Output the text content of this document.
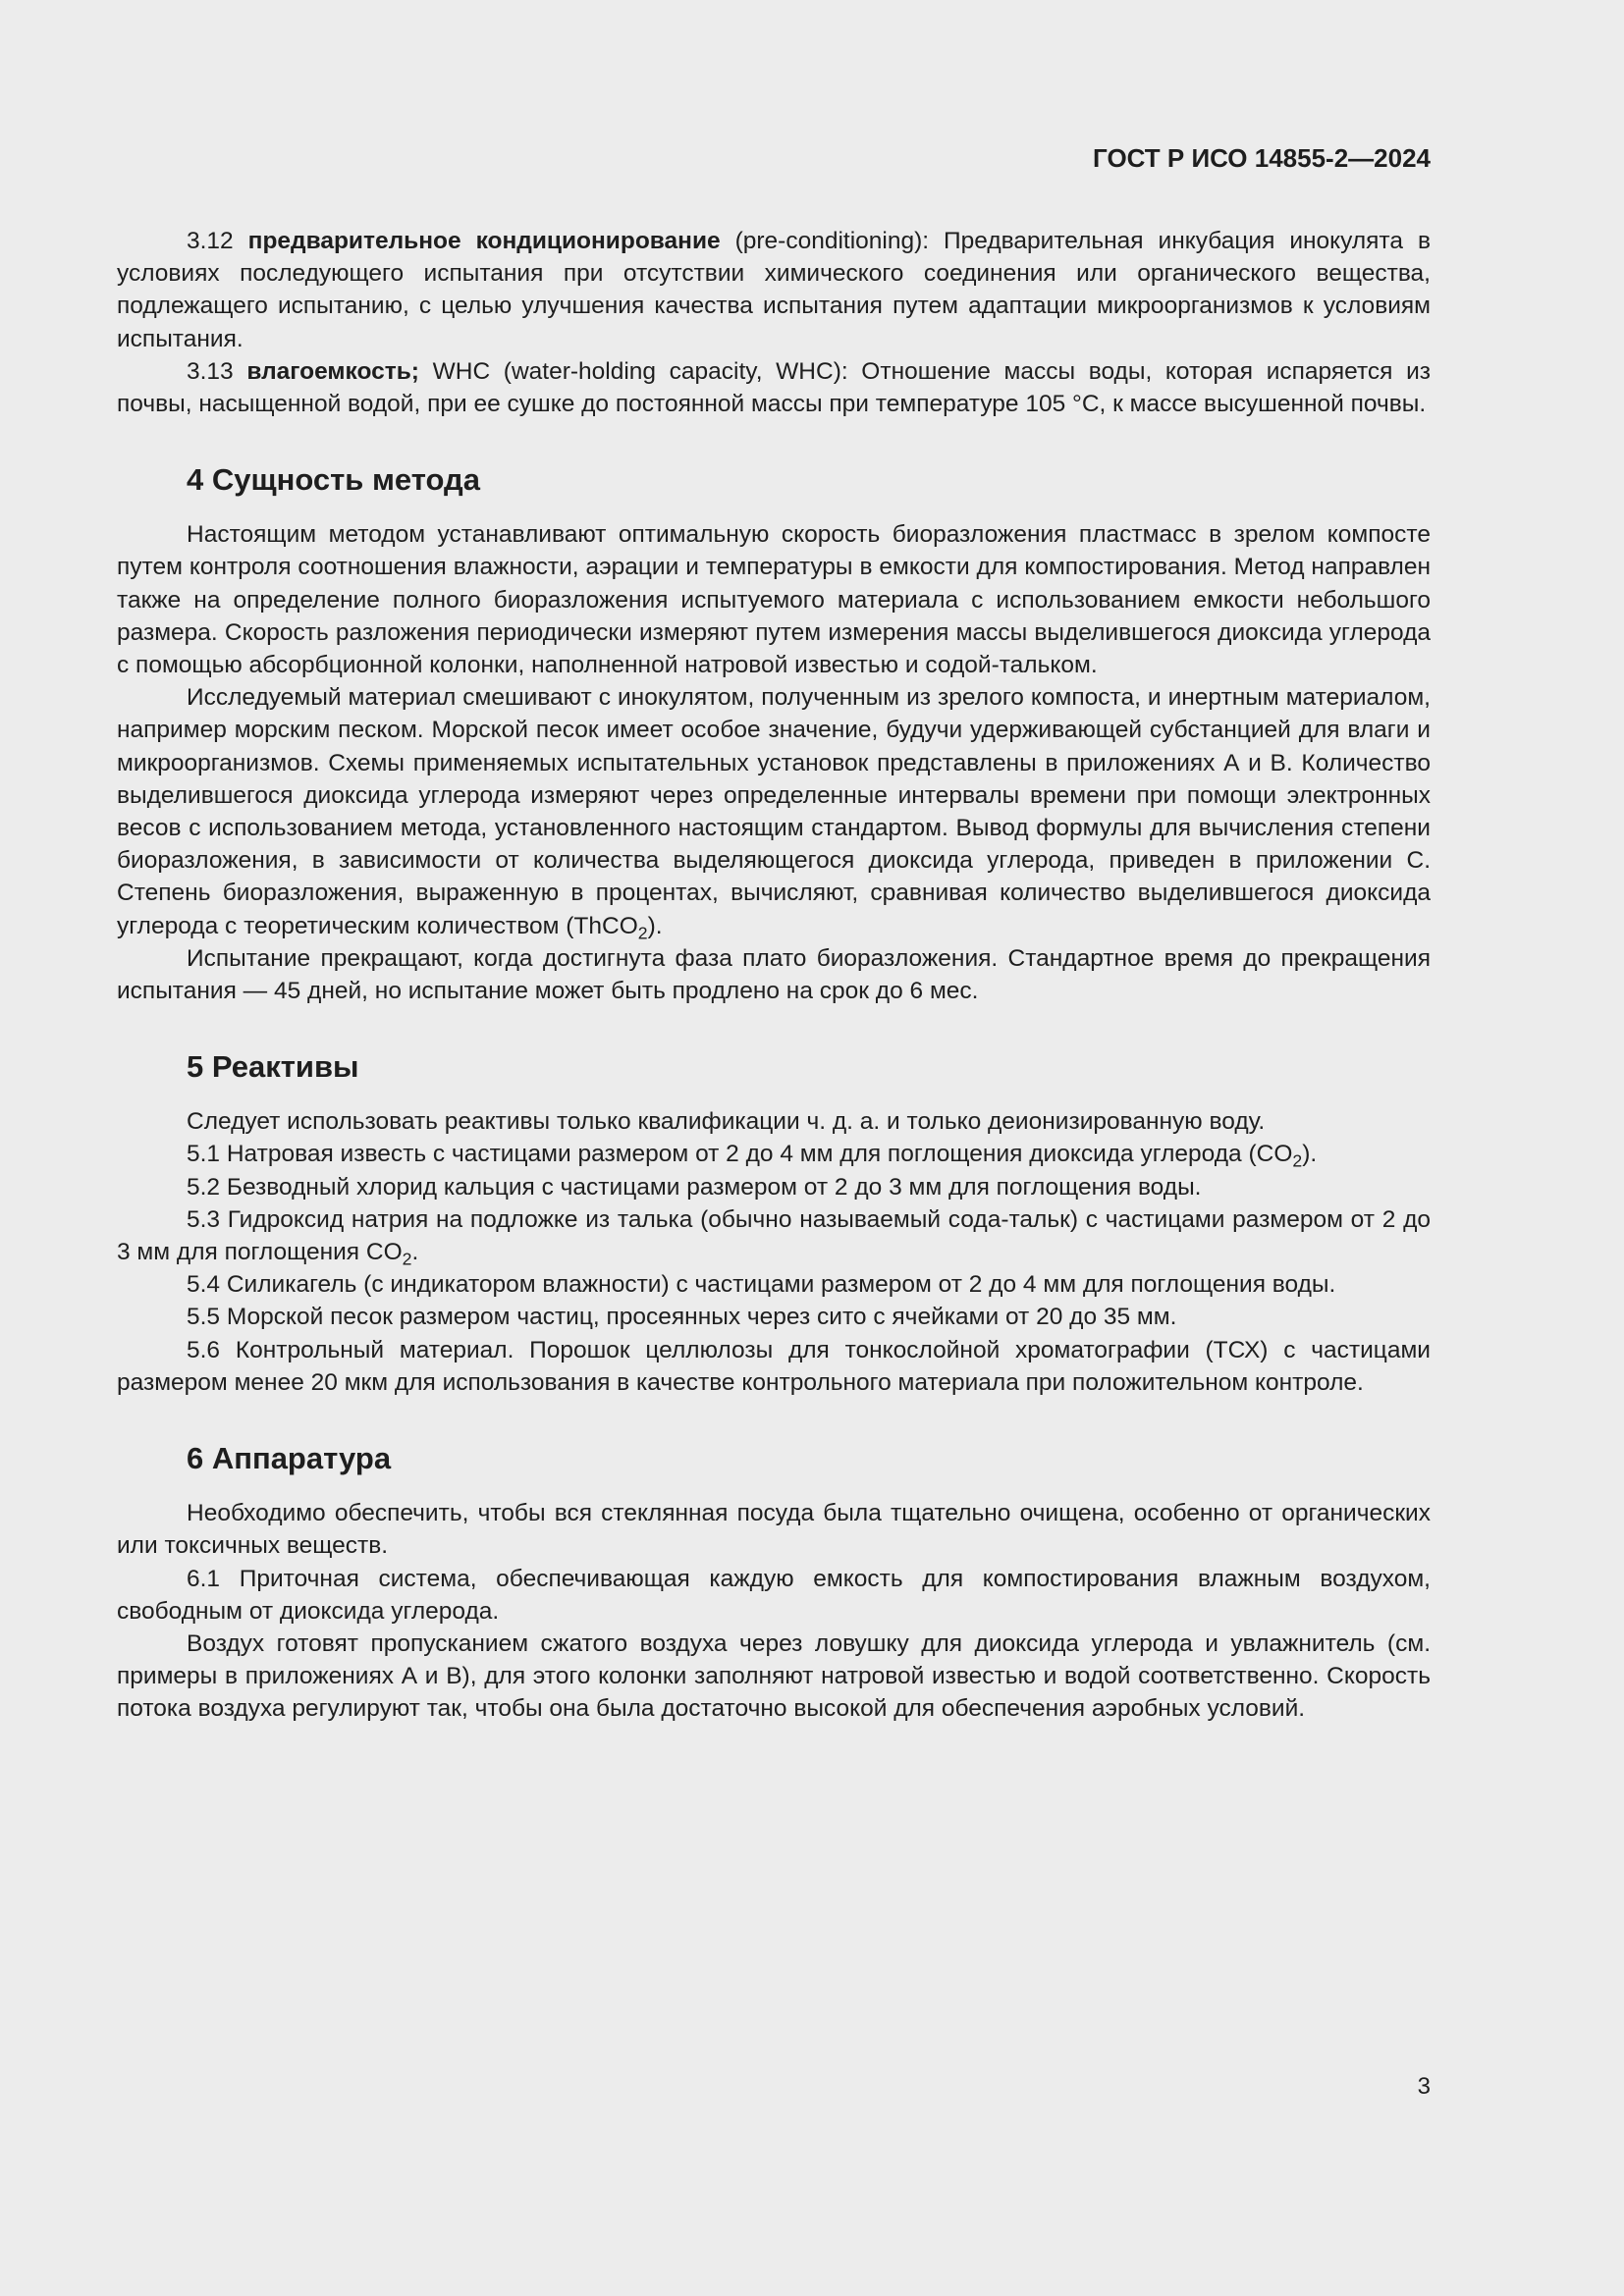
ГОСТ Р ИСО 14855-2—2024

3.12 предварительное кондиционирование (pre-conditioning): Предварительная инкубация инокулята в условиях последующего испытания при отсутствии химического соединения или органического вещества, подлежащего испытанию, с целью улучшения качества испытания путем адаптации микроорганизмов к условиям испытания.

3.13 влагоемкость; WHC (water-holding capacity, WHC): Отношение массы воды, которая испаряется из почвы, насыщенной водой, при ее сушке до постоянной массы при температуре 105 °C, к массе высушенной почвы.

4 Сущность метода

Настоящим методом устанавливают оптимальную скорость биоразложения пластмасс в зрелом компосте путем контроля соотношения влажности, аэрации и температуры в емкости для компостирования. Метод направлен также на определение полного биоразложения испытуемого материала с использованием емкости небольшого размера. Скорость разложения периодически измеряют путем измерения массы выделившегося диоксида углерода с помощью абсорбционной колонки, наполненной натровой известью и содой-тальком.

Исследуемый материал смешивают с инокулятом, полученным из зрелого компоста, и инертным материалом, например морским песком. Морской песок имеет особое значение, будучи удерживающей субстанцией для влаги и микроорганизмов. Схемы применяемых испытательных установок представлены в приложениях А и В. Количество выделившегося диоксида углерода измеряют через определенные интервалы времени при помощи электронных весов с использованием метода, установленного настоящим стандартом. Вывод формулы для вычисления степени биоразложения, в зависимости от количества выделяющегося диоксида углерода, приведен в приложении С. Степень биоразложения, выраженную в процентах, вычисляют, сравнивая количество выделившегося диоксида углерода с теоретическим количеством (ThCO$_2$).

Испытание прекращают, когда достигнута фаза плато биоразложения. Стандартное время до прекращения испытания — 45 дней, но испытание может быть продлено на срок до 6 мес.

5 Реактивы

Следует использовать реактивы только квалификации ч. д. а. и только деионизированную воду.

5.1 Натровая известь с частицами размером от 2 до 4 мм для поглощения диоксида углерода $(CO_2)$.

5.2 Безводный хлорид кальция с частицами размером от 2 до 3 мм для поглощения воды.

5.3 Гидроксид натрия на подложке из талька (обычно называемый сода-тальк) с частицами размером от 2 до 3 мм для поглощения $CO_2$.

5.4 Силикагель (с индикатором влажности) с частицами размером от 2 до 4 мм для поглощения воды.

5.5 Морской песок размером частиц, просеянных через сито с ячейками от 20 до 35 мм.

5.6 Контрольный материал. Порошок целлюлозы для тонкослойной хроматографии (ТСХ) с частицами размером менее 20 мкм для использования в качестве контрольного материала при положительном контроле.

6 Аппаратура

Необходимо обеспечить, чтобы вся стеклянная посуда была тщательно очищена, особенно от органических или токсичных веществ.

6.1 Приточная система, обеспечивающая каждую емкость для компостирования влажным воздухом, свободным от диоксида углерода.

Воздух готовят пропусканием сжатого воздуха через ловушку для диоксида углерода и увлажнитель (см. примеры в приложениях А и В), для этого колонки заполняют натровой известью и водой соответственно. Скорость потока воздуха регулируют так, чтобы она была достаточно высокой для обеспечения аэробных условий.

3
